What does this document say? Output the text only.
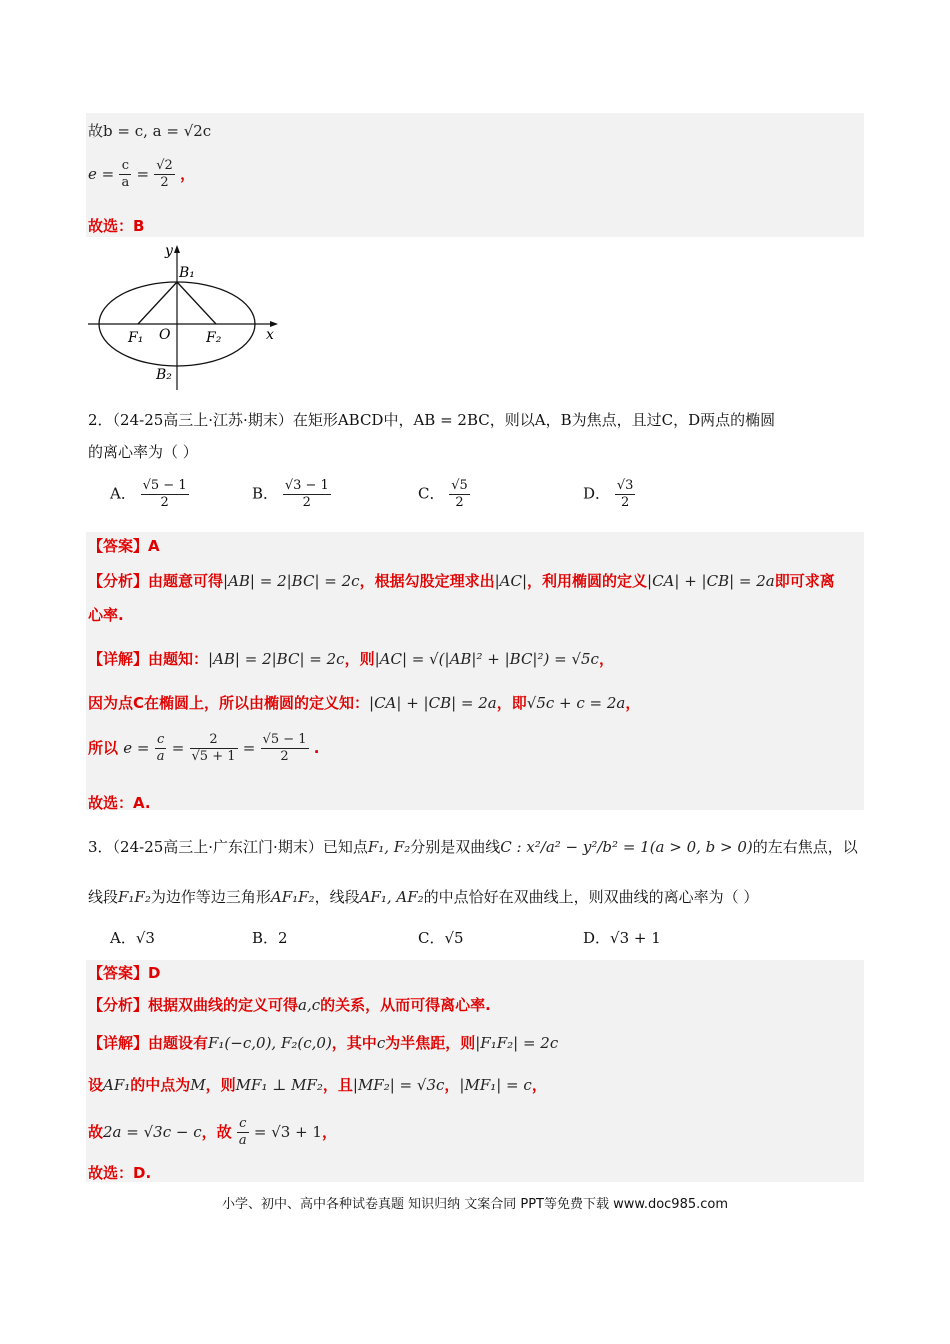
故b = c, a = √2c
$e = \frac{c}{a} = \frac{√2}{2}$ ，
故选：B
y
x
O
B₁
B₂
F₁	F₂
2．（24-25高三上·江苏·期末）在矩形ABCD中，AB = 2BC，则以A，B为焦点，且过C，D两点的椭圆
的离心率为（ ）
A． $\frac{√5 - 1}{2}$	B． $\frac{√3 - 1}{2}$	C． $\frac{√5}{2}$	D． $\frac{√3}{2}$
【答案】A
【分析】由题意可得|AB| = 2|BC| = 2c，根据勾股定理求出|AC|，利用椭圆的定义|CA| + |CB| = 2a即可求离
心率.
【详解】由题知：|AB| = 2|BC| = 2c，则|AC| = √(|AB|² + |BC|²) = √5c，
因为点C在椭圆上，所以由椭圆的定义知：|CA| + |CB| = 2a，即√5c + c = 2a，
所以 $e = \frac{c}{a} = \frac{2}{√5 + 1} = \frac{√5 - 1}{2}$ .
故选：A.
3．（24-25高三上·广东江门·期末）已知点F₁, F₂分别是双曲线C : x²/a² − y²/b² = 1(a > 0, b > 0)的左右焦点，以
线段F₁F₂为边作等边三角形AF₁F₂，线段AF₁, AF₂的中点恰好在双曲线上，则双曲线的离心率为（ ）
A．√3	B．2	C．√5	D．√3 + 1
【答案】D
【分析】根据双曲线的定义可得a,c的关系，从而可得离心率.
【详解】由题设有F₁(−c,0), F₂(c,0)，其中c为半焦距，则|F₁F₂| = 2c
设AF₁的中点为M，则MF₁ ⊥ MF₂，且|MF₂| = √3c，|MF₁| = c，
故2a = √3c − c，故 $\frac{c}{a} = √3 + 1$，
故选：D.
小学、初中、高中各种试卷真题 知识归纳 文案合同 PPT等免费下载 www.doc985.com
